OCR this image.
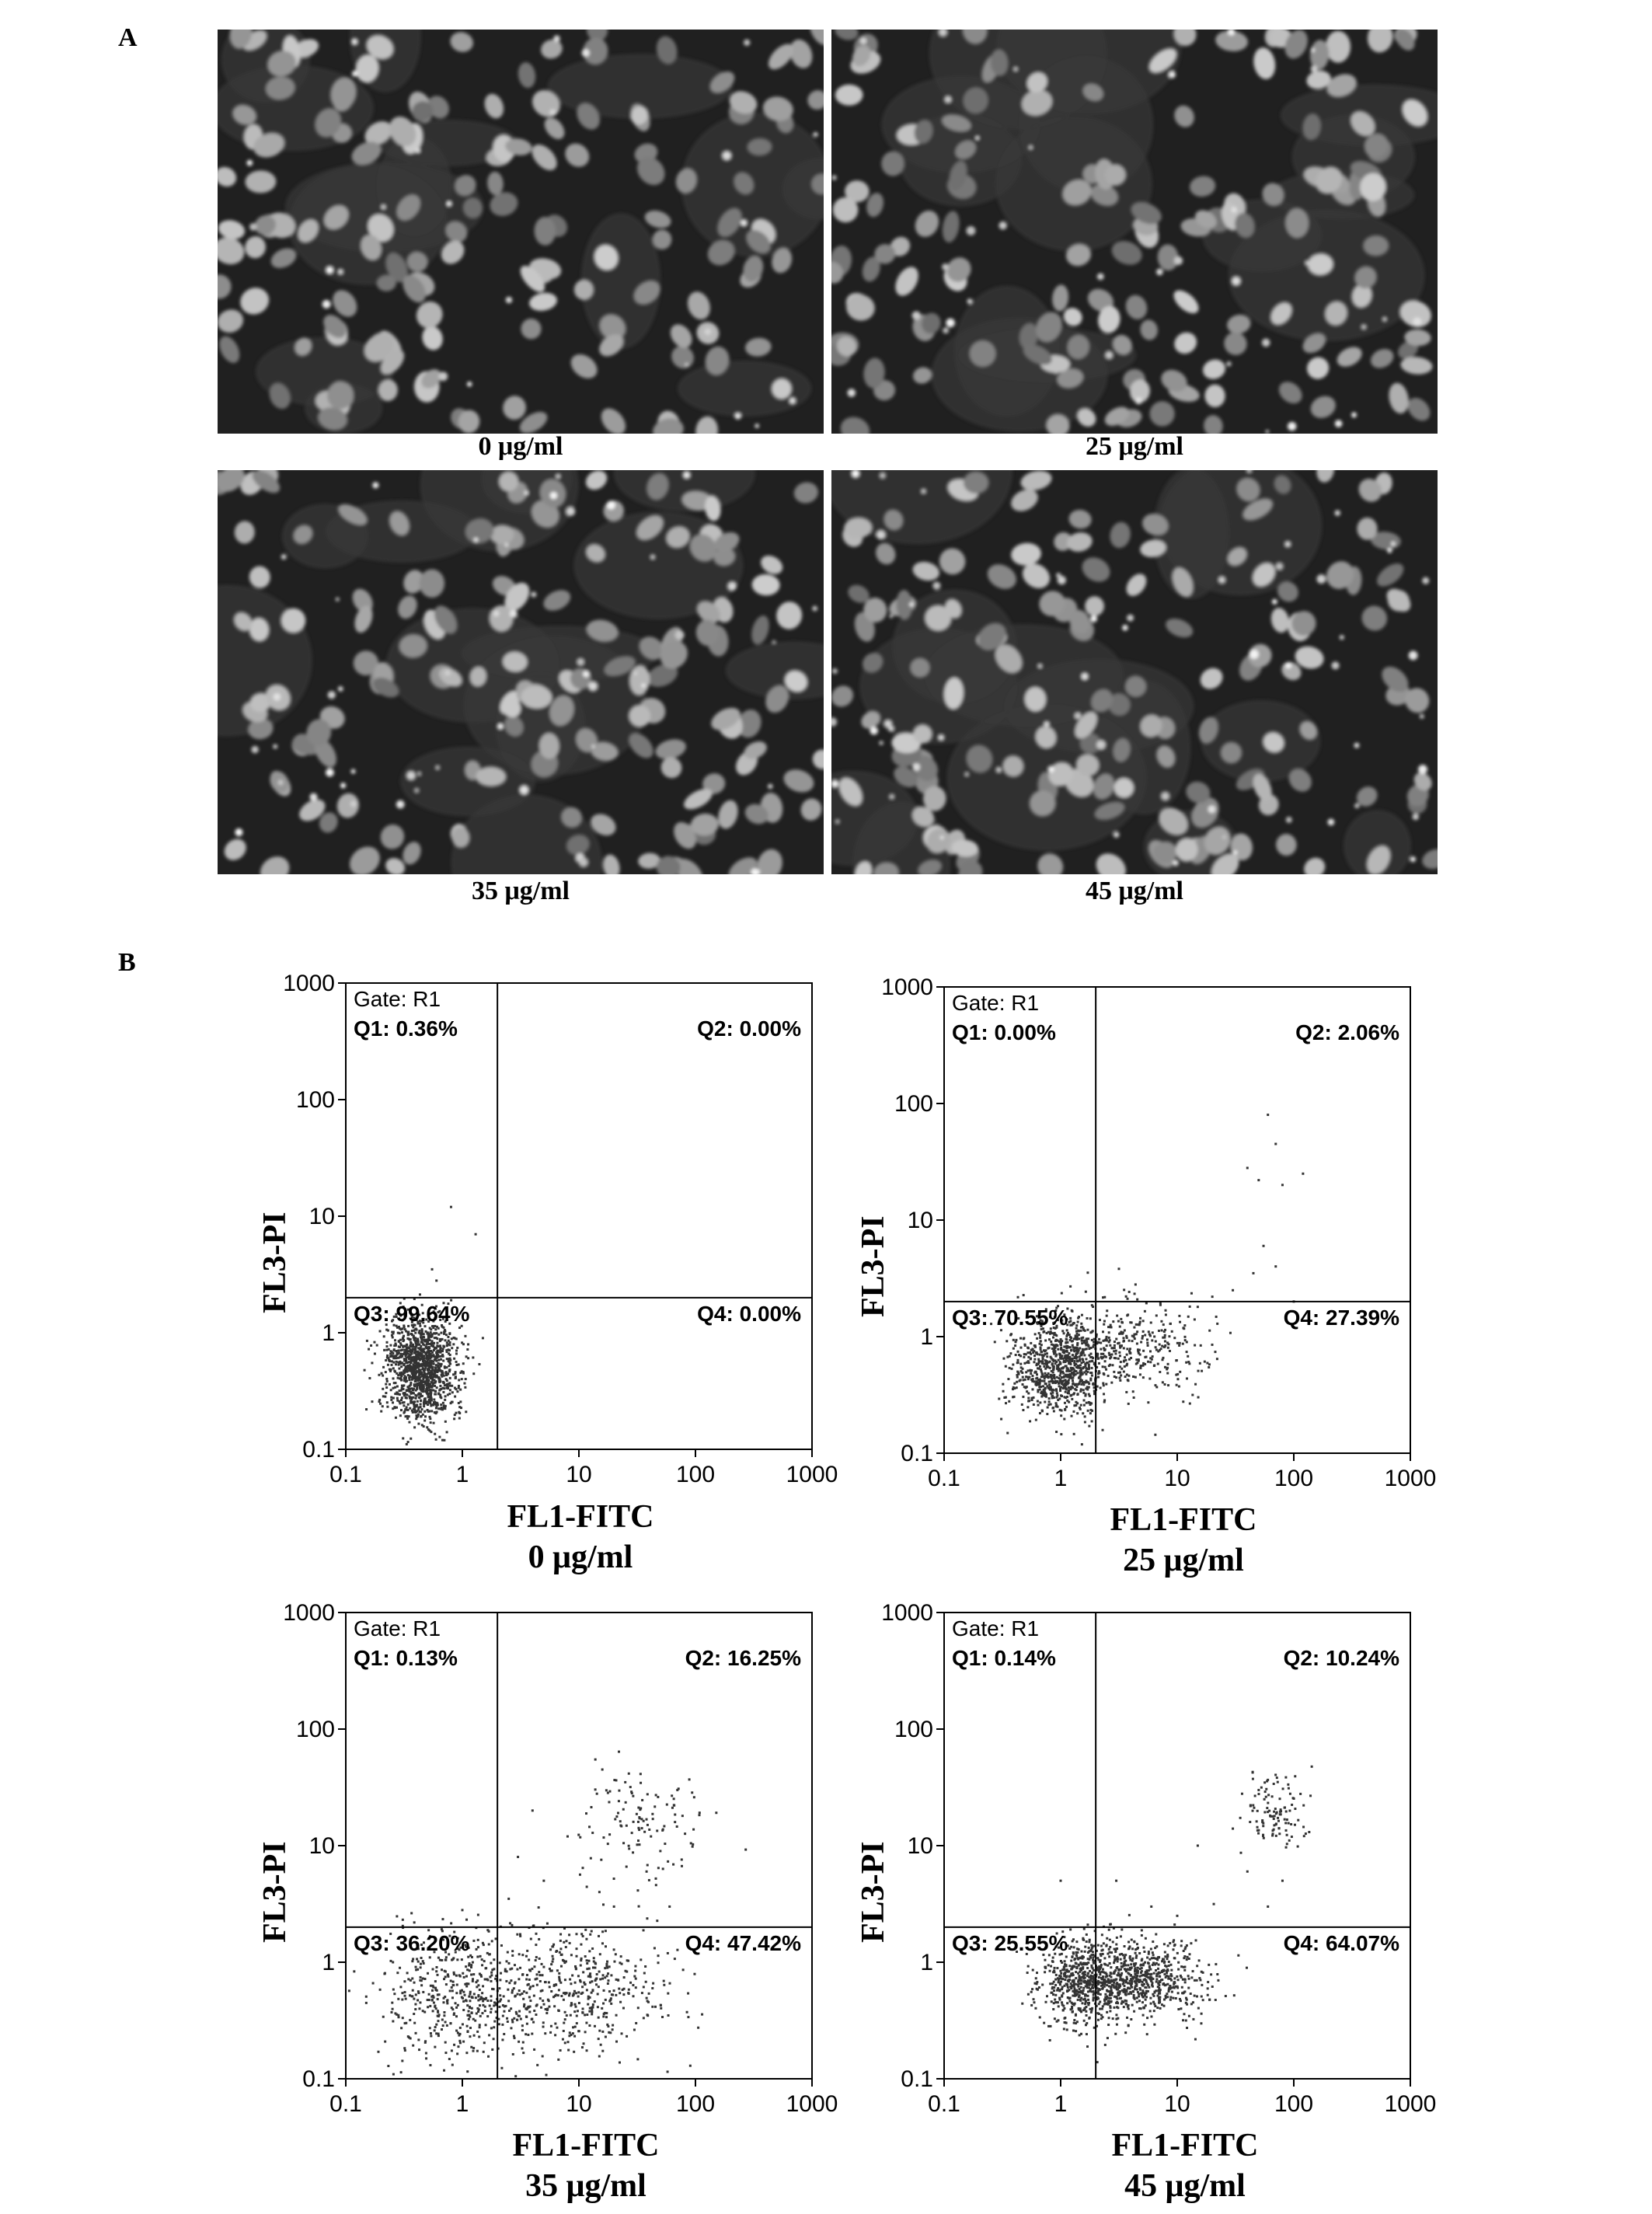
A
B
0 μg/ml	25 μg/ml
35 μg/ml	45 μg/ml
0.1	1	10	100	1000
0.1
1
10
100
1000
Gate: R1
Q1: 0.36%	Q2: 0.00%
Q3: 99.64%	Q4: 0.00%
FL3-PI
FL1-FITC
0 μg/ml
0.1	1	10	100	1000
0.1
1
10
100
1000
Gate: R1
Q1: 0.00%	Q2: 2.06%
Q3: 70.55%	Q4: 27.39%
FL3-PI
FL1-FITC
25 μg/ml
0.1	1	10	100	1000
0.1
1
10
100
1000
Gate: R1
Q1: 0.13%	Q2: 16.25%
Q3: 36.20%	Q4: 47.42%
FL3-PI
FL1-FITC
35 μg/ml
0.1	1	10	100	1000
0.1
1
10
100
1000
Gate: R1
Q1: 0.14%	Q2: 10.24%
Q3: 25.55%	Q4: 64.07%
FL3-PI
FL1-FITC
45 μg/ml
